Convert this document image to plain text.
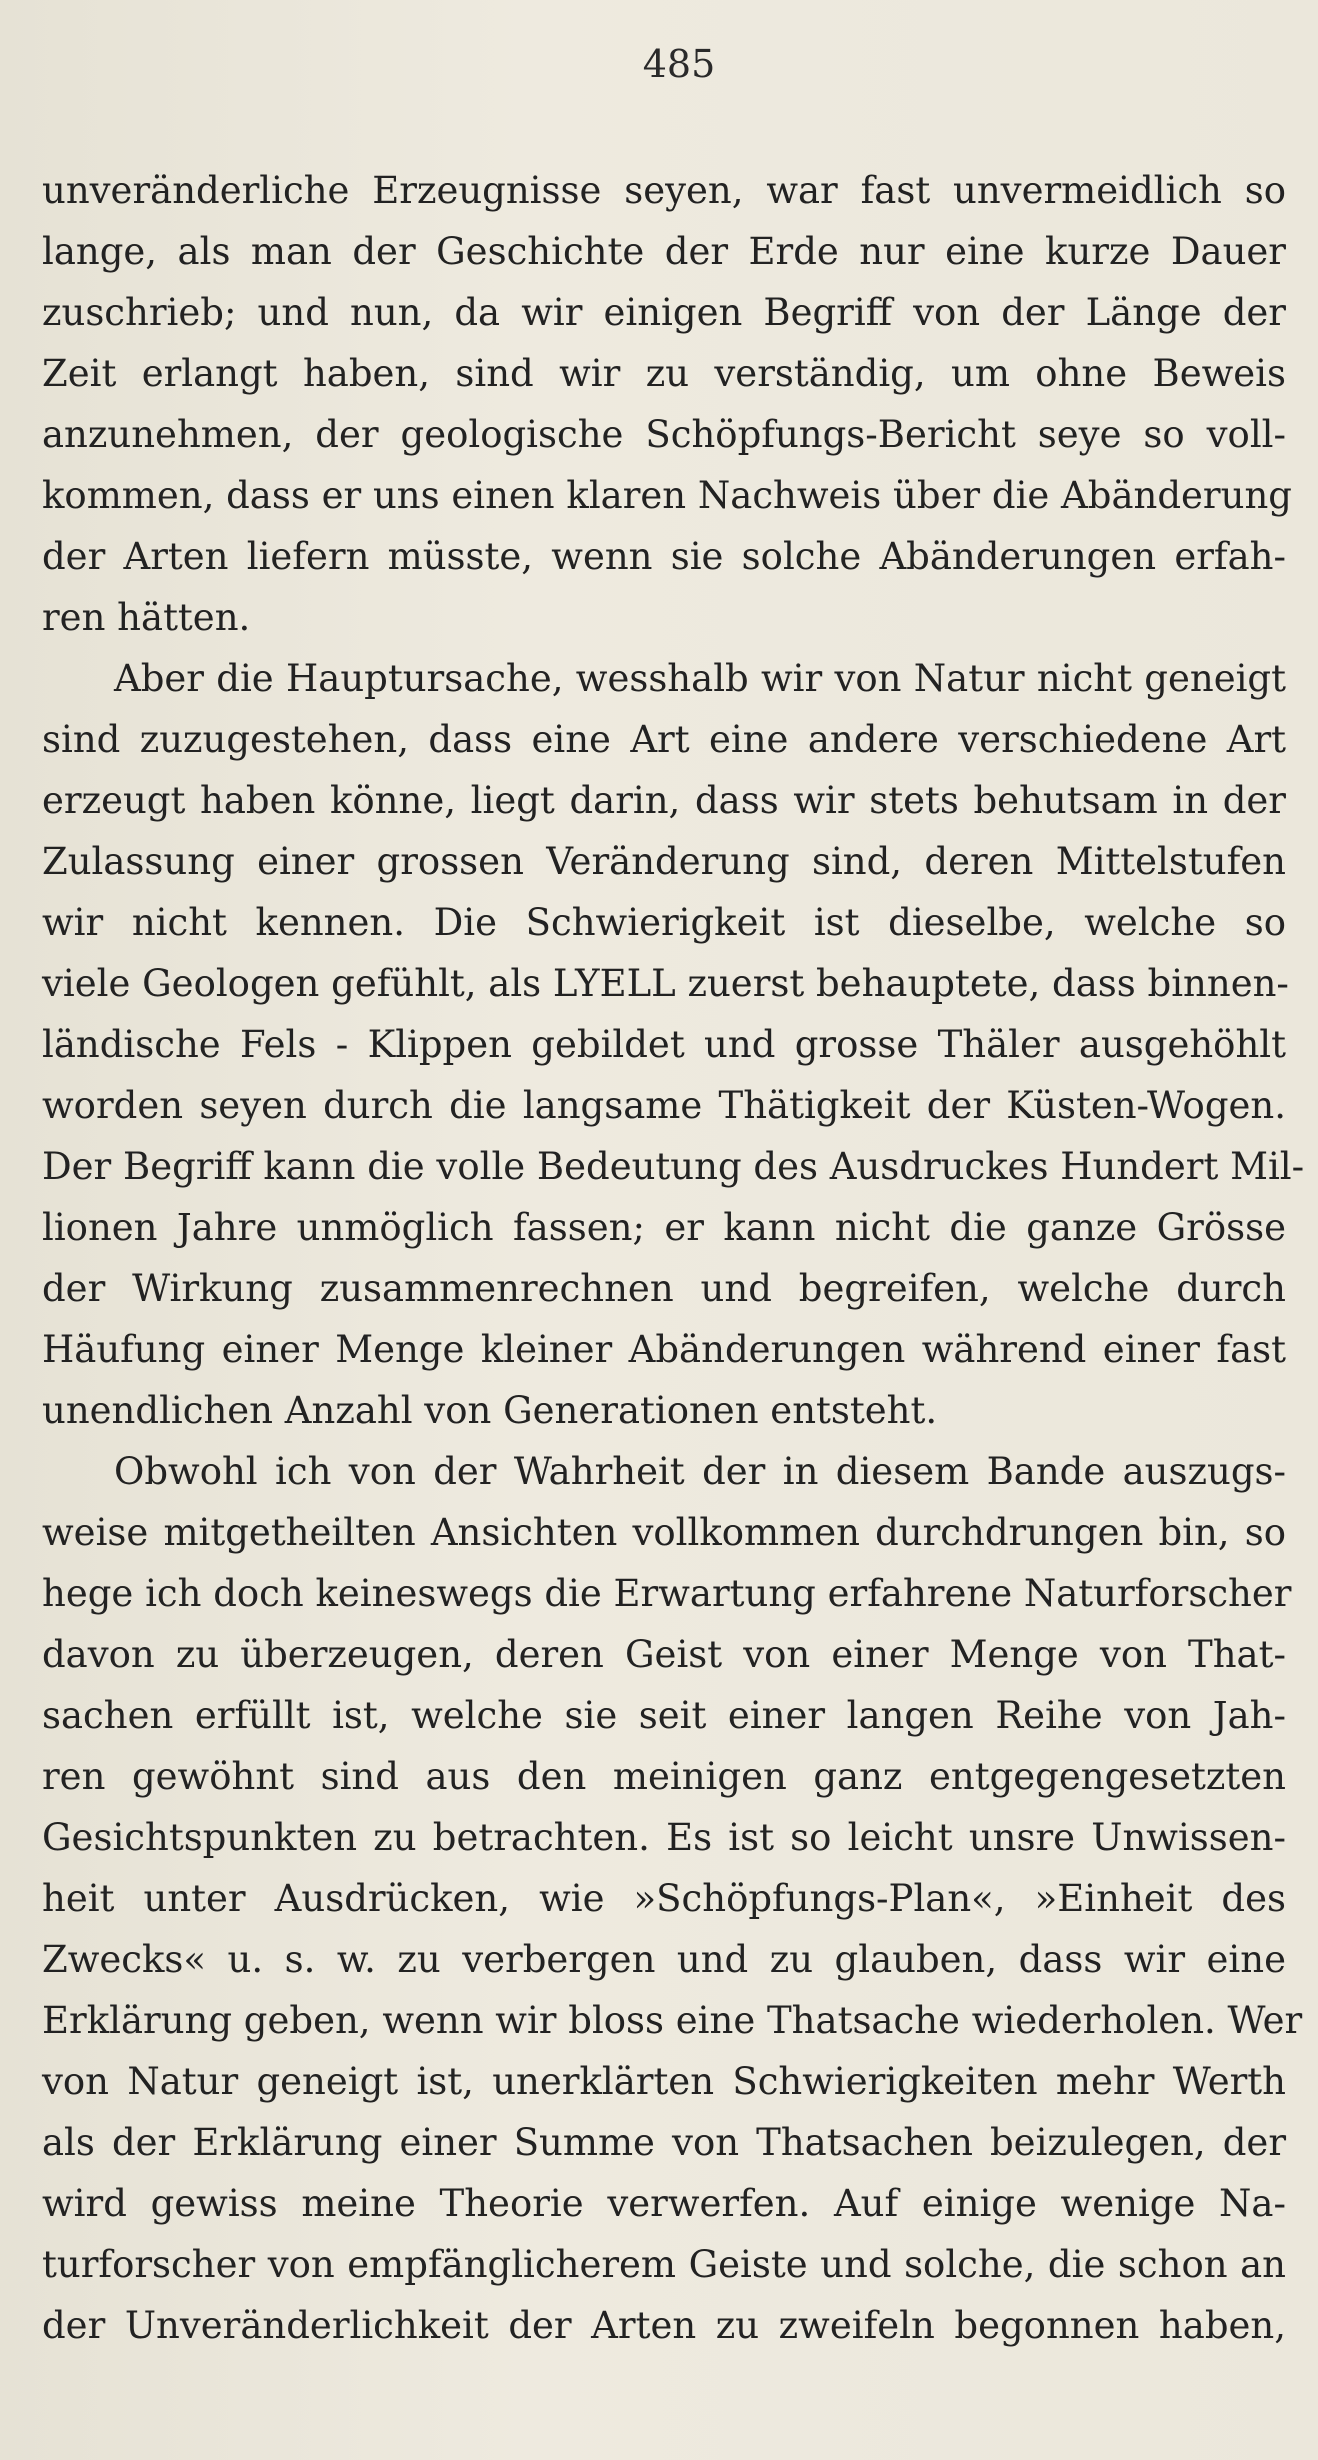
485
unveränderliche Erzeugnisse seyen, war fast unvermeidlich so
lange, als man der Geschichte der Erde nur eine kurze Dauer
zuschrieb; und nun, da wir einigen Begriff von der Länge der
Zeit erlangt haben, sind wir zu verständig, um ohne Beweis
anzunehmen, der geologische Schöpfungs-Bericht seye so voll-
kommen, dass er uns einen klaren Nachweis über die Abänderung
der Arten liefern müsste, wenn sie solche Abänderungen erfah-
ren hätten.
Aber die Hauptursache, wesshalb wir von Natur nicht geneigt
sind zuzugestehen, dass eine Art eine andere verschiedene Art
erzeugt haben könne, liegt darin, dass wir stets behutsam in der
Zulassung einer grossen Veränderung sind, deren Mittelstufen
wir nicht kennen. Die Schwierigkeit ist dieselbe, welche so
viele Geologen gefühlt, als LYELL zuerst behauptete, dass binnen-
ländische Fels - Klippen gebildet und grosse Thäler ausgehöhlt
worden seyen durch die langsame Thätigkeit der Küsten-Wogen.
Der Begriff kann die volle Bedeutung des Ausdruckes Hundert Mil-
lionen Jahre unmöglich fassen; er kann nicht die ganze Grösse
der Wirkung zusammenrechnen und begreifen, welche durch
Häufung einer Menge kleiner Abänderungen während einer fast
unendlichen Anzahl von Generationen entsteht.
Obwohl ich von der Wahrheit der in diesem Bande auszugs-
weise mitgetheilten Ansichten vollkommen durchdrungen bin, so
hege ich doch keineswegs die Erwartung erfahrene Naturforscher
davon zu überzeugen, deren Geist von einer Menge von That-
sachen erfüllt ist, welche sie seit einer langen Reihe von Jah-
ren gewöhnt sind aus den meinigen ganz entgegengesetzten
Gesichtspunkten zu betrachten. Es ist so leicht unsre Unwissen-
heit unter Ausdrücken, wie »Schöpfungs-Plan«, »Einheit des
Zwecks« u. s. w. zu verbergen und zu glauben, dass wir eine
Erklärung geben, wenn wir bloss eine Thatsache wiederholen. Wer
von Natur geneigt ist, unerklärten Schwierigkeiten mehr Werth
als der Erklärung einer Summe von Thatsachen beizulegen, der
wird gewiss meine Theorie verwerfen. Auf einige wenige Na-
turforscher von empfänglicherem Geiste und solche, die schon an
der Unveränderlichkeit der Arten zu zweifeln begonnen haben,
